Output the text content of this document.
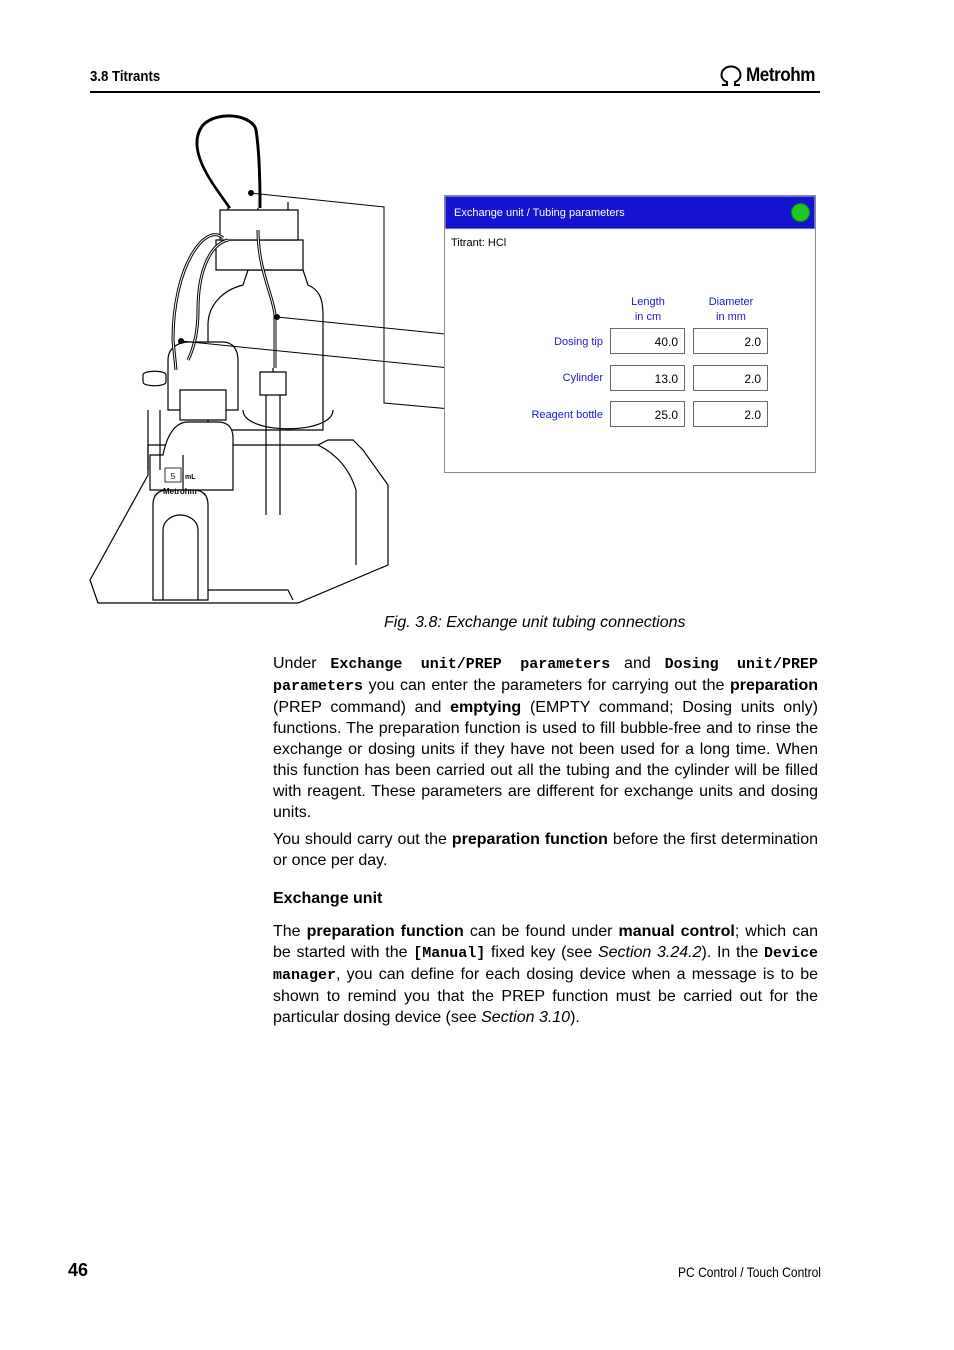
3.8 Titrants	Metrohm
5 mL
Metrohm
Exchange unit / Tubing parameters
Titrant: HCl
Length
in cm
Diameter
in mm
Dosing tip	40.0	2.0
Cylinder	13.0	2.0
Reagent bottle	25.0	2.0
Fig. 3.8: Exchange unit tubing connections
Under Exchange unit/PREP parameters and Dosing unit/PREP parameters you can enter the parameters for carrying out the preparation (PREP command) and emptying (EMPTY command; Dosing units only) functions. The preparation function is used to fill bubble-free and to rinse the exchange or dosing units if they have not been used for a long time. When this function has been carried out all the tubing and the cylinder will be filled with reagent. These parameters are different for exchange units and dosing units.
You should carry out the preparation function before the first determination or once per day.
Exchange unit
The preparation function can be found under manual control; which can be started with the [Manual] fixed key (see Section 3.24.2). In the Device manager, you can define for each dosing device when a message is to be shown to remind you that the PREP function must be carried out for the particular dosing device (see Section 3.10).
46	PC Control / Touch Control
